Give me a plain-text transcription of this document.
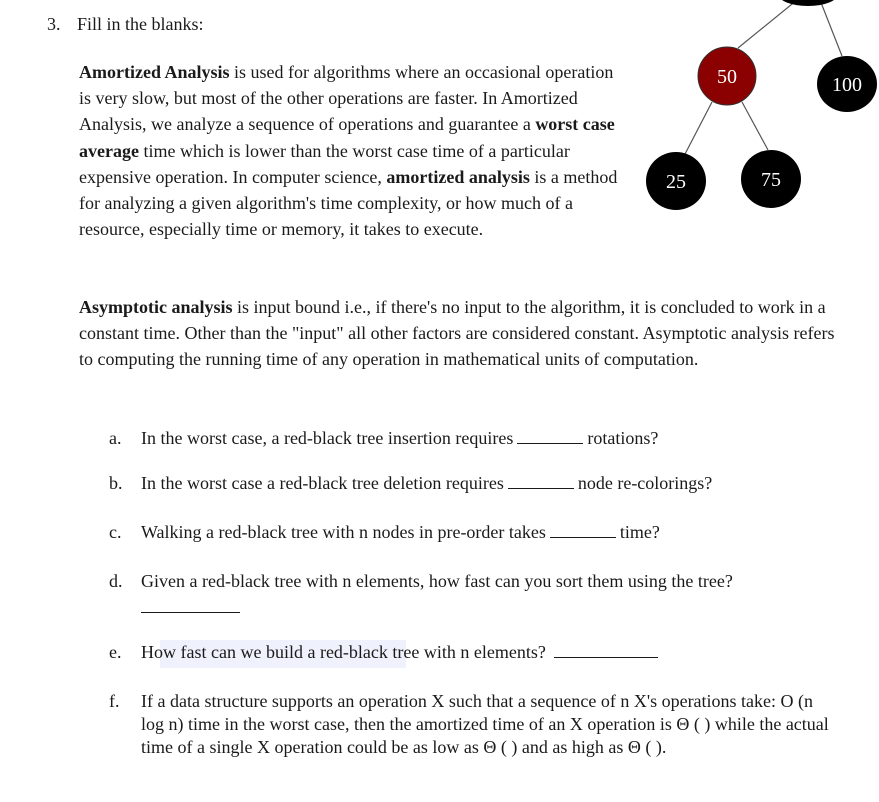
3. Fill in the blanks:
Amortized Analysis is used for algorithms where an occasional operation is very slow, but most of the other operations are faster. In Amortized Analysis, we analyze a sequence of operations and guarantee a worst case average time which is lower than the worst case time of a particular expensive operation. In computer science, amortized analysis is a method for analyzing a given algorithm's time complexity, or how much of a resource, especially time or memory, it takes to execute.
Asymptotic analysis is input bound i.e., if there's no input to the algorithm, it is concluded to work in a constant time. Other than the "input" all other factors are considered constant. Asymptotic analysis refers to computing the running time of any operation in mathematical units of computation.
a.	In the worst case, a red-black tree insertion requires	rotations?
b.	In the worst case a red-black tree deletion requires	node re-colorings?
c.	Walking a red-black tree with n nodes in pre-order takes	time?
d.	Given a red-black tree with n elements, how fast can you sort them using the tree?
e.	How fast can we build a red-black tree with n elements?
f.	If a data structure supports an operation X such that a sequence of n X's operations take: O (n log n) time in the worst case, then the amortized time of an X operation is Θ ( ) while the actual time of a single X operation could be as low as Θ ( ) and as high as Θ ( ).
50	100
25	75
